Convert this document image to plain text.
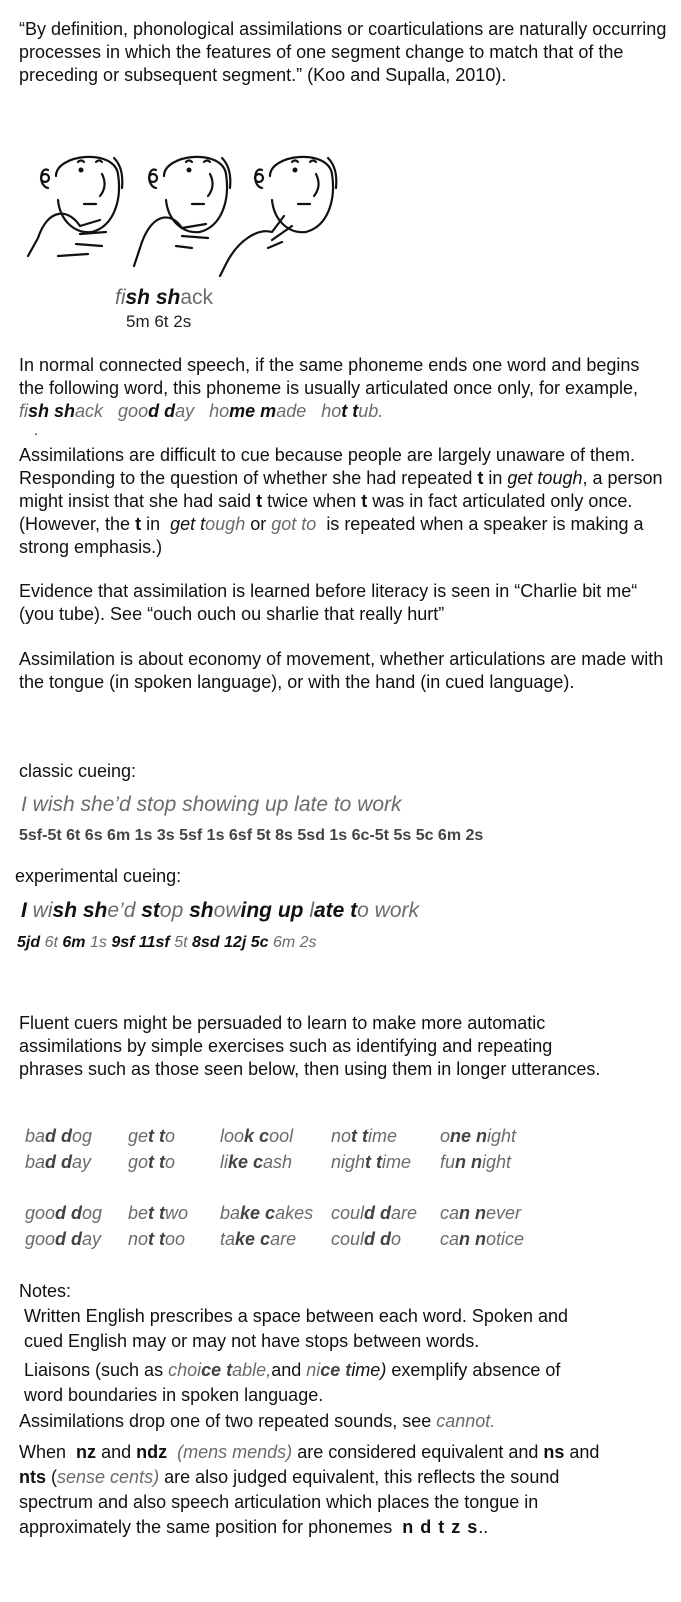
“By definition, phonological assimilations or coarticulations are naturally occurring processes in which the features of one segment change to match that of the preceding or subsequent segment.” (Koo and Supalla, 2010).
fish shack
5m 6t 2s
In normal connected speech, if the same phoneme ends one word and begins the following word, this phoneme is usually articulated once only, for example,   fish shack good day home made hot tub.
.
Assimilations are difficult to cue because people are largely unaware of them. Responding to the question of whether she had repeated t in get tough, a person might insist that she had said t twice when t was in fact articulated only once. (However, the t in get tough or got to is repeated when a speaker is making a strong emphasis.)
Evidence that assimilation is learned before literacy is seen in “Charlie bit me“ (you tube). See “ouch ouch ou sharlie that really hurt”
Assimilation is about economy of movement, whether articulations are made with the tongue (in spoken language), or with the hand (in cued language).
classic cueing:
I wish she’d stop showing up late to work
5sf-5t 6t 6s 6m 1s 3s 5sf 1s 6sf 5t 8s 5sd 1s 6c-5t 5s 5c 6m 2s
experimental cueing:
I wish she’d stop showing up late to work
5jd 6t 6m 1s 9sf 11sf 5t 8sd 12j 5c 6m 2s
Fluent cuers might be persuaded to learn to make more automatic assimilations by simple exercises such as identifying and repeating phrases such as those seen below, then using them in longer utterances.
bad dog get to look cool not time one night
bad day got to like cash night time fun night
good dog bet two bake cakes could dare can never
good day not too take care could do can notice
Notes:
Written English prescribes a space between each word. Spoken and cued English may or may not have stops between words.
Liaisons (such as choice table,and nice time) exemplify absence of word boundaries in spoken language.
Assimilations drop one of two repeated sounds, see cannot.
When nz and ndz (mens mends) are considered equivalent and ns and nts (sense cents) are also judged equivalent, this reflects the sound spectrum and also speech articulation which places the tongue in approximately the same position for phonemes n d t z s..
